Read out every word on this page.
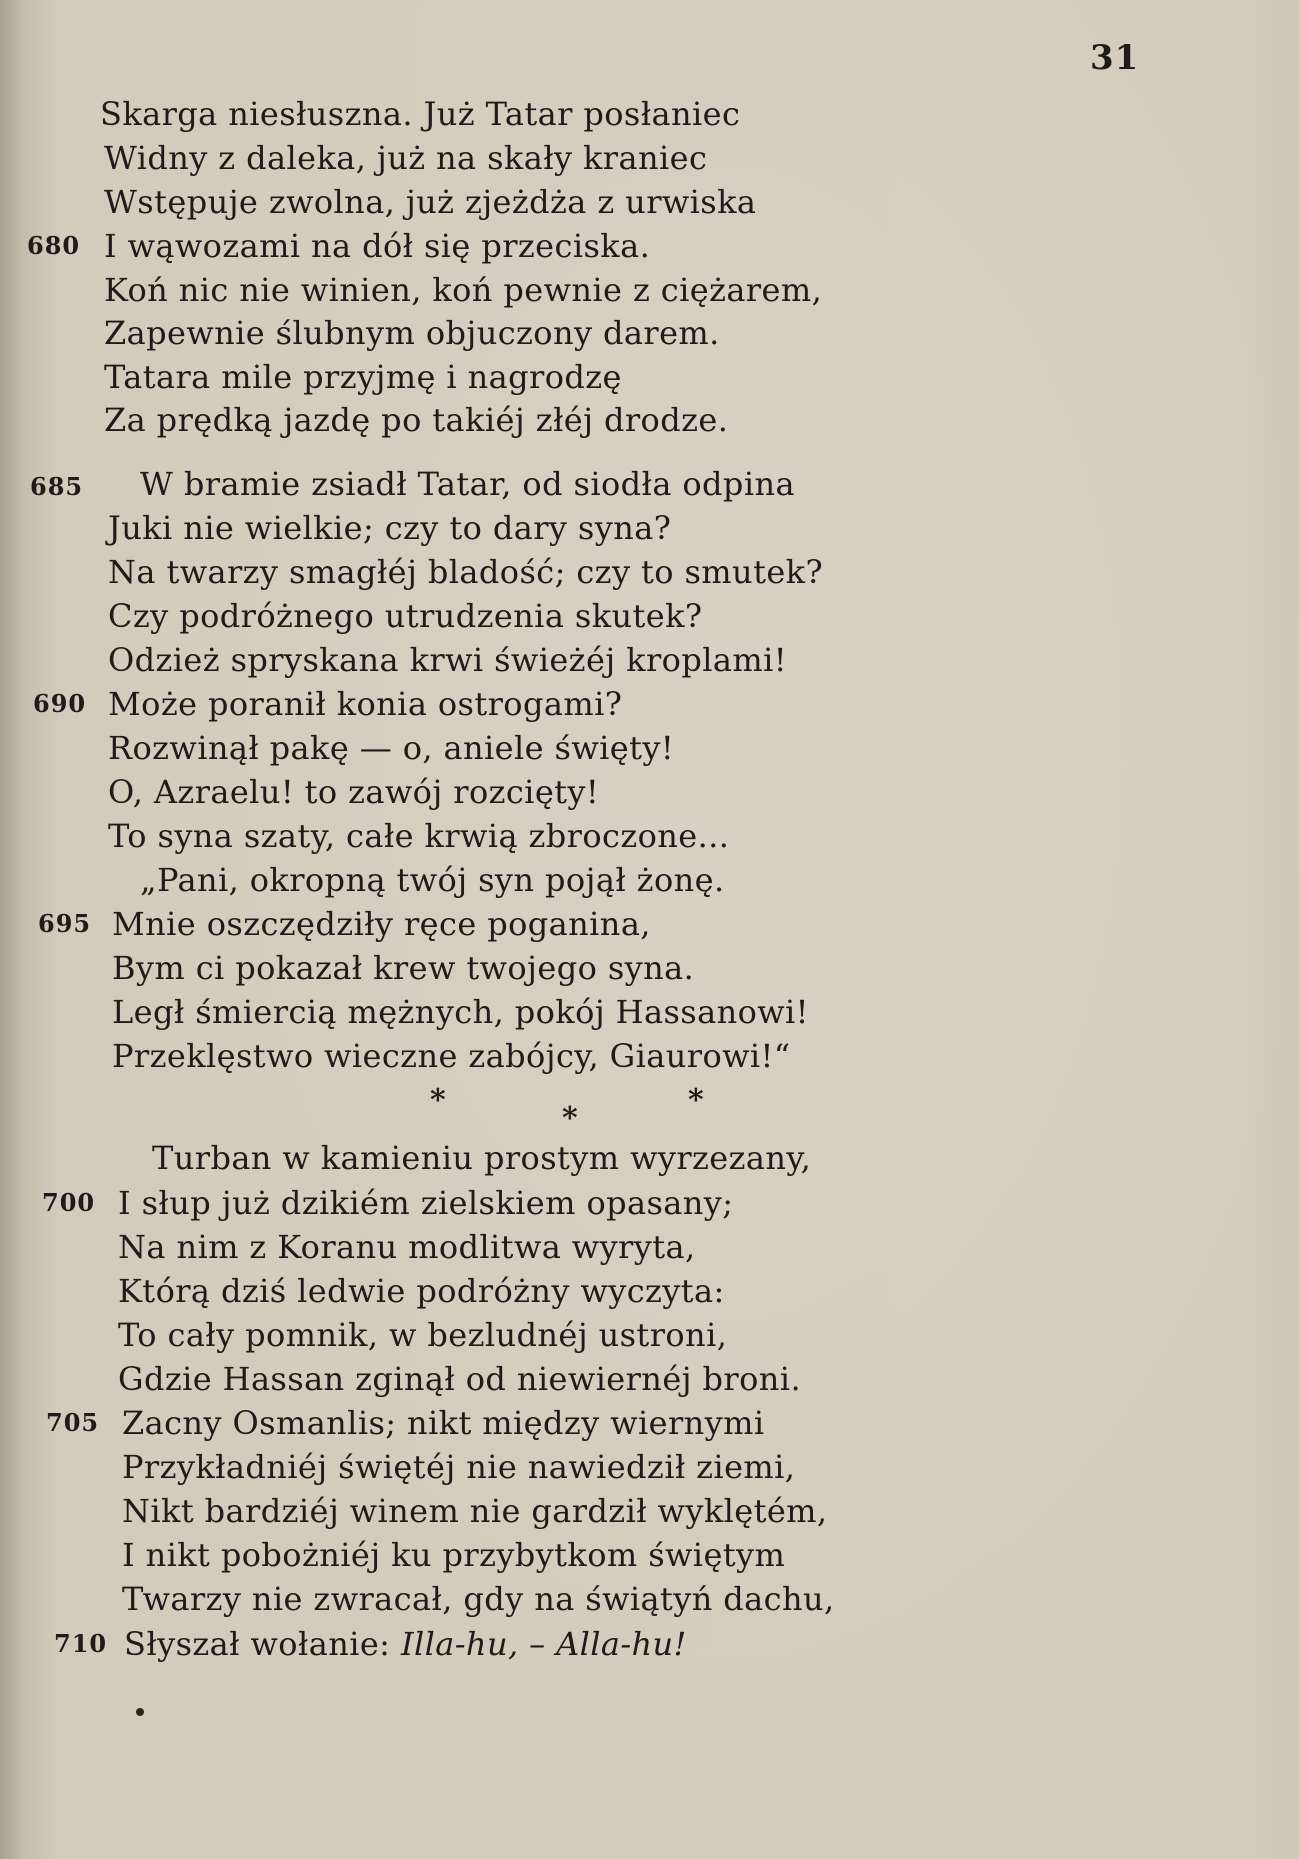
31
Skarga niesłuszna. Już Tatar posłaniec
Widny z daleka, już na skały kraniec
Wstępuje zwolna, już zjeżdża z urwiska
680 I wąwozami na dół się przeciska.
Koń nic nie winien, koń pewnie z ciężarem,
Zapewnie ślubnym objuczony darem.
Tatara mile przyjmę i nagrodzę
Za prędką jazdę po takiéj złéj drodze.
685 W bramie zsiadł Tatar, od siodła odpina
Juki nie wielkie; czy to dary syna?
Na twarzy smagłéj bladość; czy to smutek?
Czy podróżnego utrudzenia skutek?
Odzież spryskana krwi świeżéj kroplami!
690 Może poranił konia ostrogami?
Rozwinął pakę — o, aniele święty!
O, Azraelu! to zawój rozcięty!
To syna szaty, całe krwią zbroczone...
„Pani, okropną twój syn pojął żonę.
695 Mnie oszczędziły ręce poganina,
Bym ci pokazał krew twojego syna.
Legł śmiercią mężnych, pokój Hassanowi!
Przeklęstwo wieczne zabójcy, Giaurowi!“
*
*
*
Turban w kamieniu prostym wyrzezany,
700 I słup już dzikiém zielskiem opasany;
Na nim z Koranu modlitwa wyryta,
Którą dziś ledwie podróżny wyczyta:
To cały pomnik, w bezludnéj ustroni,
Gdzie Hassan zginął od niewiernéj broni.
705 Zacny Osmanlis; nikt między wiernymi
Przykładniéj świętéj nie nawiedził ziemi,
Nikt bardziéj winem nie gardził wyklętém,
I nikt pobożniéj ku przybytkom świętym
Twarzy nie zwracał, gdy na świątyń dachu,
710 Słyszał wołanie: Illa-hu, – Alla-hu!
